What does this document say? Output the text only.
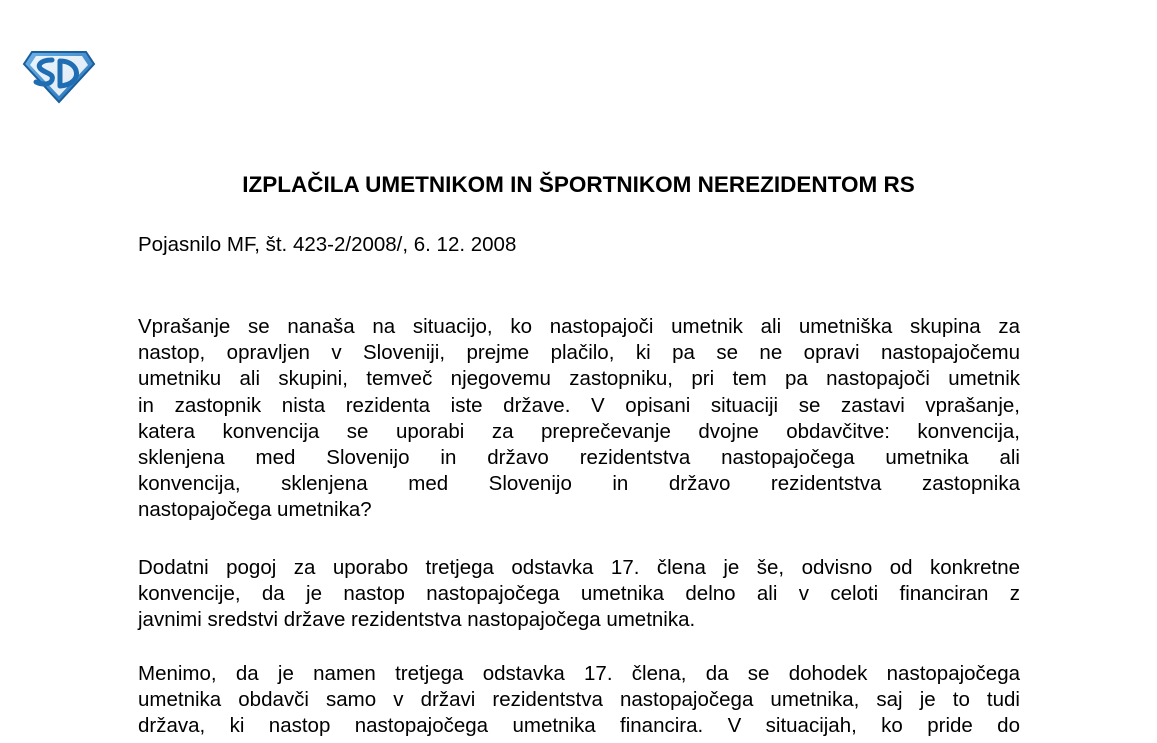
IZPLAČILA UMETNIKOM IN ŠPORTNIKOM NEREZIDENTOM RS

Pojasnilo MF, št. 423-2/2008/, 6. 12. 2008

Vprašanje se nanaša na situacijo, ko nastopajoči umetnik ali umetniška skupina za
nastop, opravljen v Sloveniji, prejme plačilo, ki pa se ne opravi nastopajočemu
umetniku ali skupini, temveč njegovemu zastopniku, pri tem pa nastopajoči umetnik
in zastopnik nista rezidenta iste države. V opisani situaciji se zastavi vprašanje,
katera konvencija se uporabi za preprečevanje dvojne obdavčitve: konvencija,
sklenjena med Slovenijo in državo rezidentstva nastopajočega umetnika ali
konvencija, sklenjena med Slovenijo in državo rezidentstva zastopnika
nastopajočega umetnika?
Dodatni pogoj za uporabo tretjega odstavka 17. člena je še, odvisno od konkretne
konvencije, da je nastop nastopajočega umetnika delno ali v celoti financiran z
javnimi sredstvi države rezidentstva nastopajočega umetnika.
Menimo, da je namen tretjega odstavka 17. člena, da se dohodek nastopajočega
umetnika obdavči samo v državi rezidentstva nastopajočega umetnika, saj je to tudi
država, ki nastop nastopajočega umetnika financira. V situacijah, ko pride do
